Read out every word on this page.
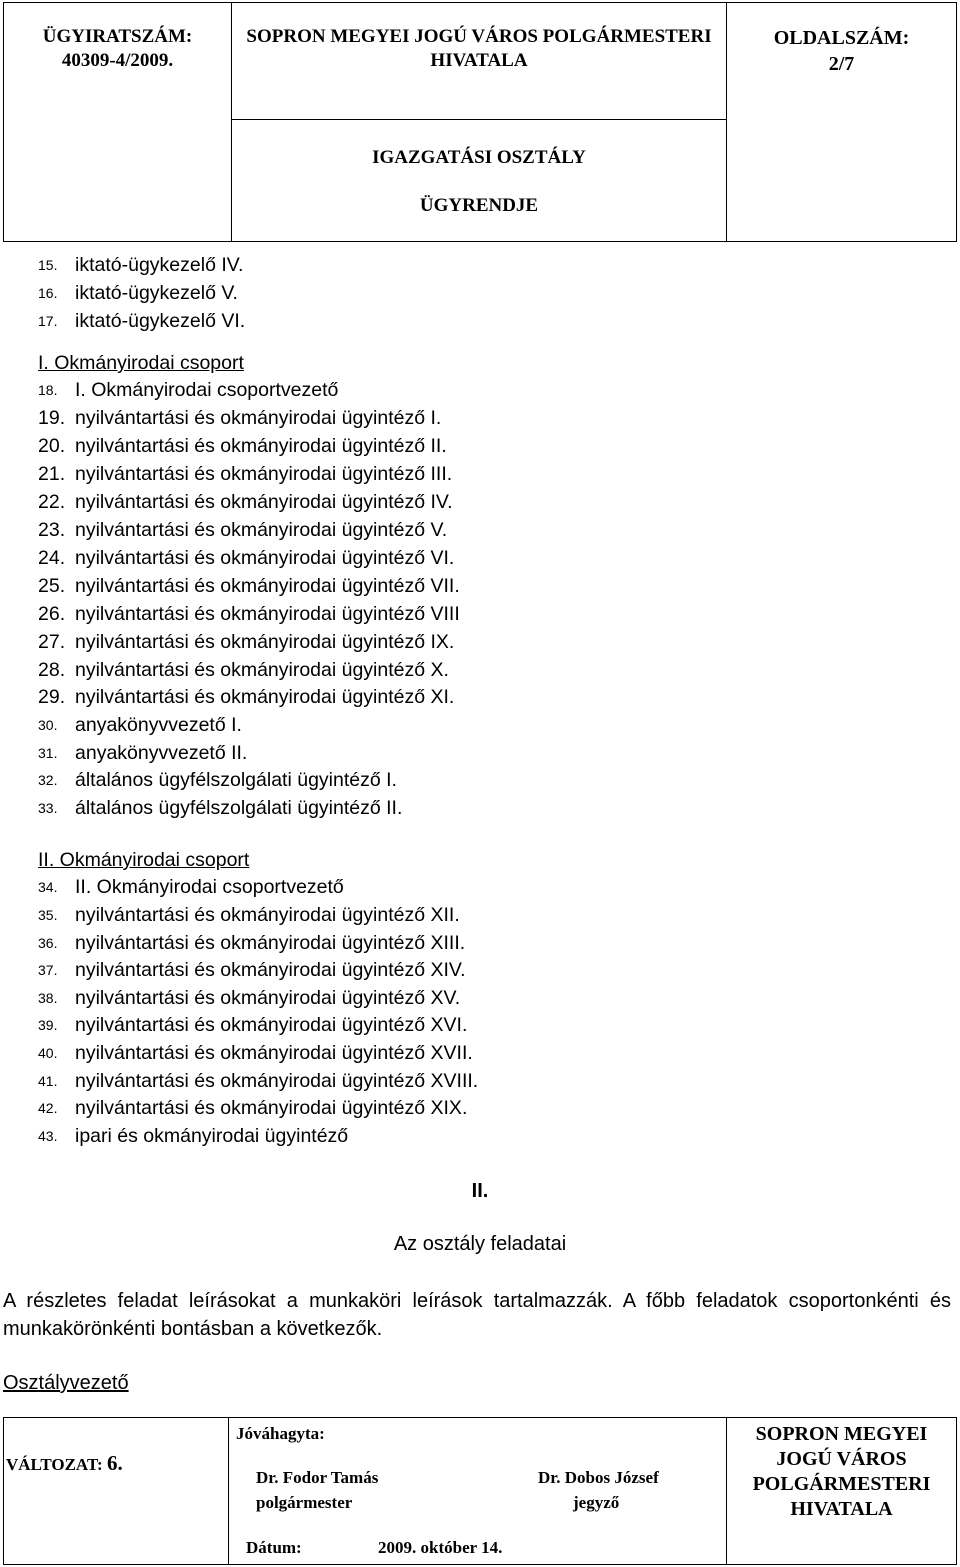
ÜGYIRATSZÁM:
40309-4/2009.
SOPRON MEGYEI JOGÚ VÁROS POLGÁRMESTERI
HIVATALA
IGAZGATÁSI OSZTÁLY
ÜGYRENDJE
OLDALSZÁM:
2/7
15. iktató-ügykezelő IV.
16. iktató-ügykezelő V.
17. iktató-ügykezelő VI.
I. Okmányirodai csoport
18. I. Okmányirodai csoportvezető
19. nyilvántartási és okmányirodai ügyintéző I.
20. nyilvántartási és okmányirodai ügyintéző II.
21. nyilvántartási és okmányirodai ügyintéző III.
22. nyilvántartási és okmányirodai ügyintéző IV.
23. nyilvántartási és okmányirodai ügyintéző V.
24. nyilvántartási és okmányirodai ügyintéző VI.
25. nyilvántartási és okmányirodai ügyintéző VII.
26. nyilvántartási és okmányirodai ügyintéző VIII
27. nyilvántartási és okmányirodai ügyintéző IX.
28. nyilvántartási és okmányirodai ügyintéző X.
29. nyilvántartási és okmányirodai ügyintéző XI.
30. anyakönyvvezető I.
31. anyakönyvvezető II.
32. általános ügyfélszolgálati ügyintéző I.
33. általános ügyfélszolgálati ügyintéző II.
II. Okmányirodai csoport
34. II. Okmányirodai csoportvezető
35. nyilvántartási és okmányirodai ügyintéző XII.
36. nyilvántartási és okmányirodai ügyintéző XIII.
37. nyilvántartási és okmányirodai ügyintéző XIV.
38. nyilvántartási és okmányirodai ügyintéző XV.
39. nyilvántartási és okmányirodai ügyintéző XVI.
40. nyilvántartási és okmányirodai ügyintéző XVII.
41. nyilvántartási és okmányirodai ügyintéző XVIII.
42. nyilvántartási és okmányirodai ügyintéző XIX.
43. ipari és okmányirodai ügyintéző
II.
Az osztály feladatai
A részletes feladat leírásokat a munkaköri leírások tartalmazzák. A főbb feladatok csoportonkénti és munkakörönkénti bontásban a következők.
Osztályvezető
VÁLTOZAT: 6.
Jóváhagyta:
Dr. Fodor Tamás
polgármester
Dr. Dobos József
jegyző
Dátum:	2009. október 14.
SOPRON MEGYEI
JOGÚ VÁROS
POLGÁRMESTERI
HIVATALA
